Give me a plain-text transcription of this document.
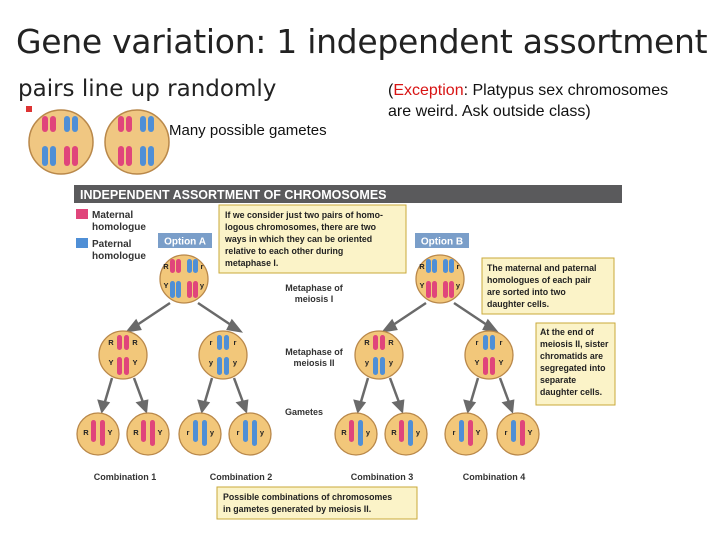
Gene variation: 1 independent assortment
pairs line up randomly
Many possible gametes
(Exception: Platypus sex chromosomes are weird. Ask outside class)
INDEPENDENT ASSORTMENT OF CHROMOSOMES
Maternal
homologue
Paternal
homologue
Option A	Option B
If we consider just two pairs of homo-
logous chromosomes, there are two
ways in which they can be oriented
relative to each other during
metaphase I.	The maternal and paternal
homologues of each pair
are sorted into two
daughter cells.
At the end of
meiosis II, sister
chromatids are
segregated into
separate
daughter cells.
Metaphase of
meiosis I
Metaphase of
meiosis II
Gametes
R	r
Y	y
R	r
Y	y
R R
Y	Y
r	r
y	y
R R
y	y
r	r
Y	Y
R	Y	R	Y	r	y	r	y	R	y	R	y	r	Y	r	Y
Combination 1	Combination 2	Combination 3	Combination 4
Possible combinations of chromosomes
in gametes generated by meiosis II.
